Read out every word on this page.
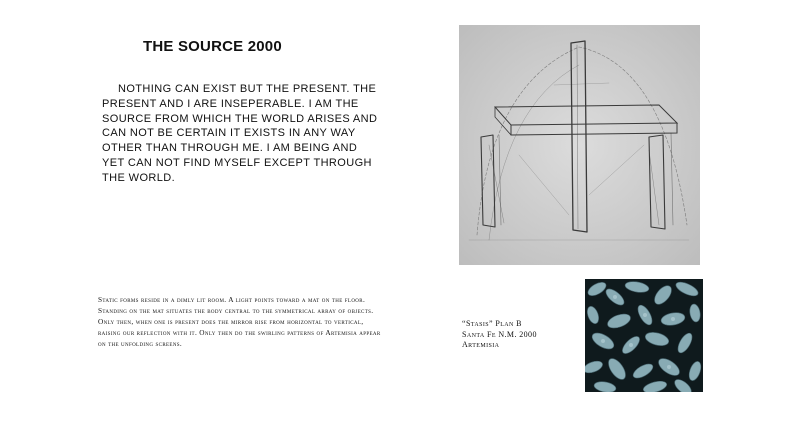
THE SOURCE 2000
NOTHING CAN EXIST BUT THE PRESENT. THE PRESENT AND I ARE INSEPERABLE. I AM THE SOURCE FROM WHICH THE WORLD ARISES AND CAN NOT BE CERTAIN IT EXISTS IN ANY WAY OTHER THAN THROUGH ME. I AM BEING AND YET CAN NOT FIND MYSELF EXCEPT THROUGH THE WORLD.
Static forms reside in a dimly lit room. A light points toward a mat on the floor. Standing on the mat situates the body central to the symmetrical array of objects. Only then, when one is present does the mirror rise from horizontal to vertical, raising our reflection with it. Only then do the swirling patterns of Artemisia appear on the unfolding screens.
“Stasis” Plan B
Santa Fe N.M. 2000
Artemisia
